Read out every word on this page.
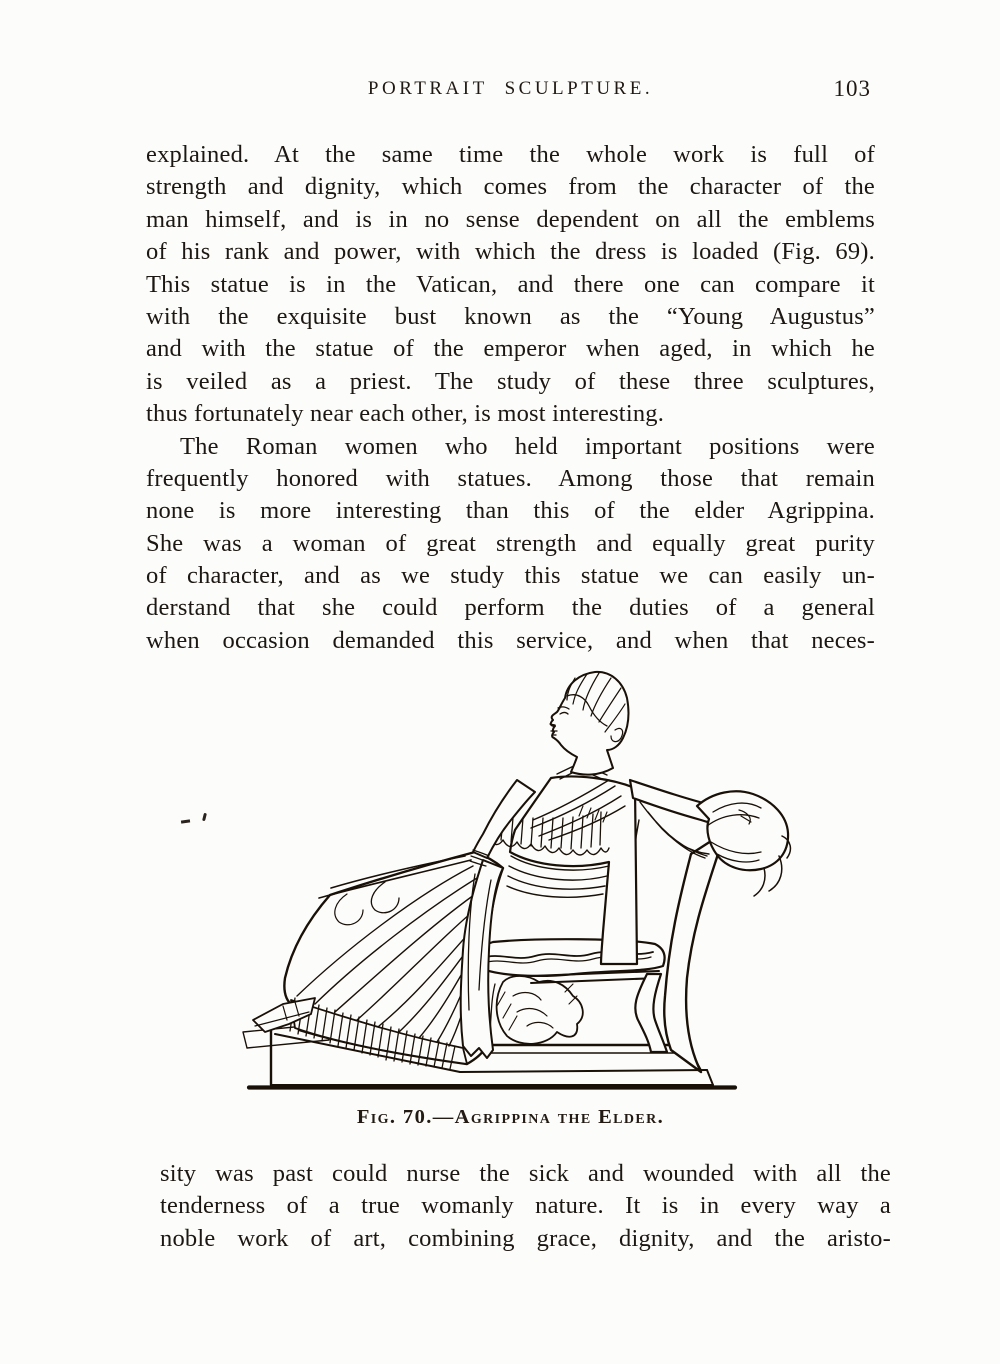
PORTRAIT SCULPTURE.	103
explained. At the same time the whole work is full of
strength and dignity, which comes from the character of the
man himself, and is in no sense dependent on all the emblems
of his rank and power, with which the dress is loaded (Fig. 69).
This statue is in the Vatican, and there one can compare it
with the exquisite bust known as the “Young Augustus”
and with the statue of the emperor when aged, in which he
is veiled as a priest. The study of these three sculptures,
thus fortunately near each other, is most interesting.
The Roman women who held important positions were
frequently honored with statues. Among those that remain
none is more interesting than this of the elder Agrippina.
She was a woman of great strength and equally great purity
of character, and as we study this statue we can easily un-
derstand that she could perform the duties of a general
when occasion demanded this service, and when that neces-
Fig. 70.—Agrippina the Elder.
sity was past could nurse the sick and wounded with all the
tenderness of a true womanly nature. It is in every way a
noble work of art, combining grace, dignity, and the aristo-
